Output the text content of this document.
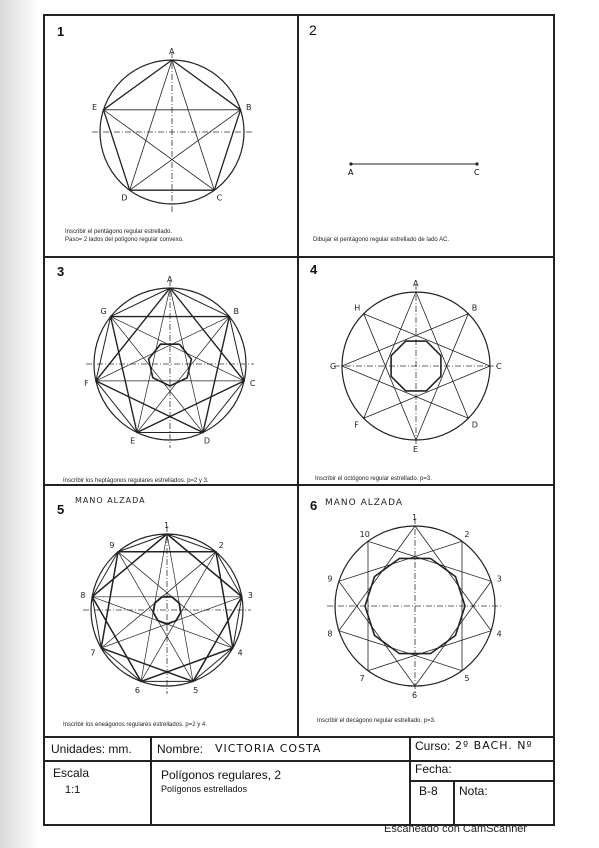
1
3	4
5
MANO ALZADA	6 MANO ALZADA
2
Inscribir el pentágono regular estrellado.
Paso= 2 lados del polígono regular convexo.	Dibujar el pentágono regular estrellado de lado AC.
Inscribir los heptágonos regulares estrellados. p=2 y 3.	Inscribir el octógono regular estrellado. p=3.
Inscribir los eneágonos regulares estrellados. p=2 y 4.
Inscribir el decágono regular estrellado. p=3.
Unidades: mm. Nombre: VICTORIA COSTA	Curso: 2º BACH. Nº
Escala
1:1
Polígonos regulares, 2
Polígonos estrellados
Fecha:
B-8 Nota:
A
B
C
D
E
A	C
A
B
C
D
E
F
G
A
B
C
D
E
F
G
H
1
2
3
4
5
6
7
8
9
1
2
3
4
5
6
7
8
9
10
Escaneado con CamScanner
